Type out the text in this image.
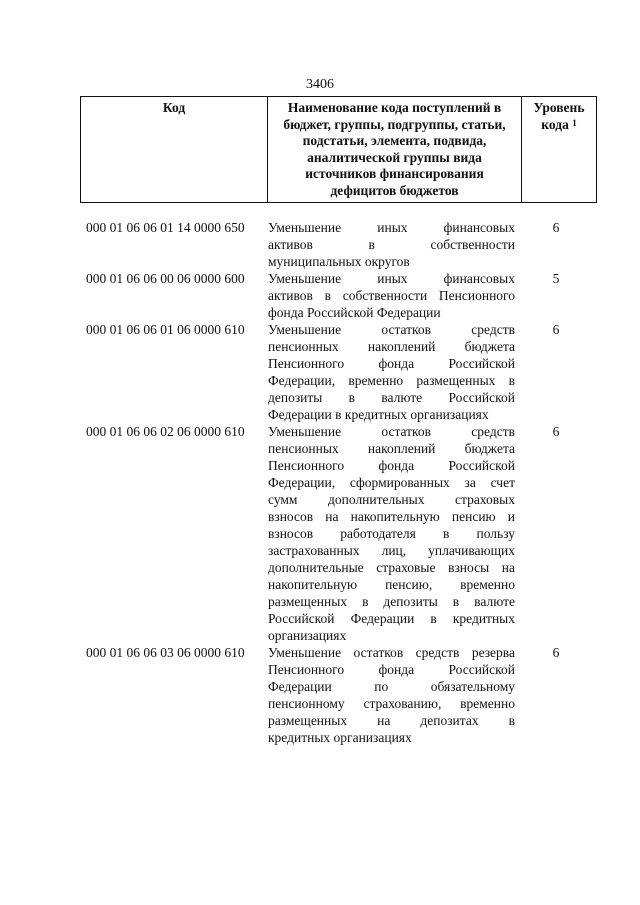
3406
Код	Наименование кода поступлений в
бюджет, группы, подгруппы, статьи,
подстатьи, элемента, подвида,
аналитической группы вида
источников финансирования
дефицитов бюджетов

Уровень
кода $^1$
000 01 06 06 01 14 0000 650	Уменьшение иных финансовых
активов в собственности
муниципальных округов
6
000 01 06 06 00 06 0000 600	Уменьшение иных финансовых
активов в собственности Пенсионного
фонда Российской Федерации
5
000 01 06 06 01 06 0000 610	Уменьшение остатков средств
пенсионных накоплений бюджета
Пенсионного фонда Российской
Федерации, временно размещенных в
депозиты в валюте Российской
Федерации в кредитных организациях
6
000 01 06 06 02 06 0000 610	Уменьшение остатков средств
пенсионных накоплений бюджета
Пенсионного фонда Российской
Федерации, сформированных за счет
сумм дополнительных страховых
взносов на накопительную пенсию и
взносов работодателя в пользу
застрахованных лиц, уплачивающих
дополнительные страховые взносы на
накопительную пенсию, временно
размещенных в депозиты в валюте
Российской Федерации в кредитных
организациях
6
000 01 06 06 03 06 0000 610	Уменьшение остатков средств резерва
Пенсионного фонда Российской
Федерации по обязательному
пенсионному страхованию, временно
размещенных на депозитах в
кредитных организациях
6
